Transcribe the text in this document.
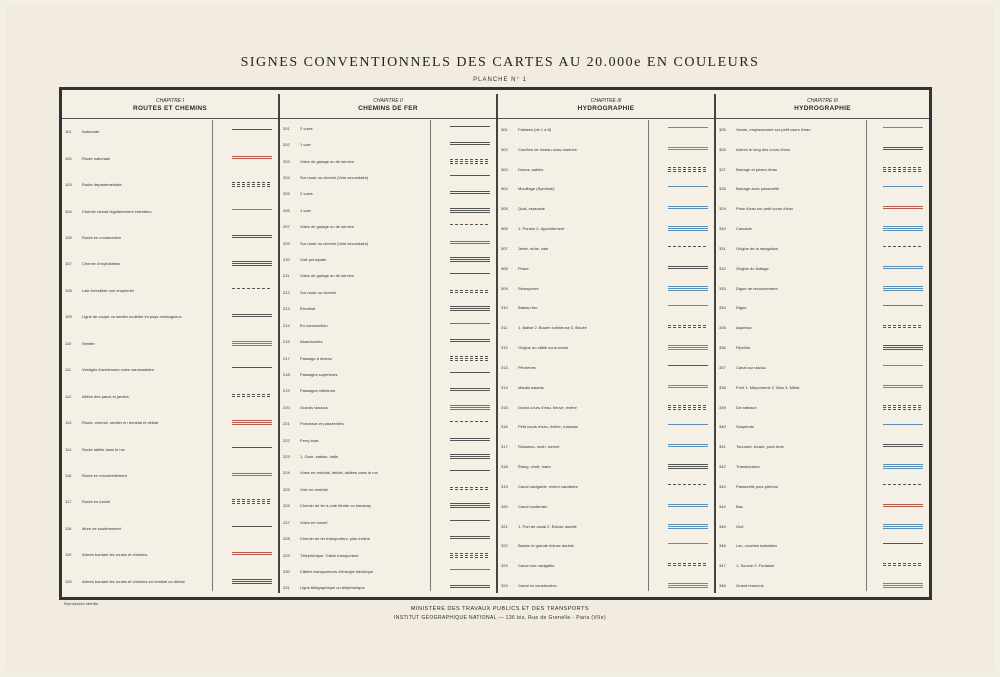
SIGNES CONVENTIONNELS DES CARTES AU 20.000e EN COULEURS
PLANCHE N° 1
CHAPITRE I
ROUTES ET CHEMINS
101	Autoroute
102	Route nationale
103	Route départementale
104	Chemin vicinal régulièrement entretenu
105	Route en construction
107	Chemin d'exploitation
108	Laie forestière non empierrée
109	Ligne de coupe ou sentier muletier en pays montagneux
110	Sentier
111	Vestiges d'anciennes voies carrossables
112	Allées des parcs et jardins
113	Route, chemin, sentier en remblai et déblai
114	Route taillée dans le roc
116	Route en encorbellement
117	Route en tunnel
118	Mure de soutènement
119	Arbres bordant les routes et chemins
120	Arbres bordant les routes et chemins en remblai ou déblai
CHAPITRE II
CHEMINS DE FER
201	2 voies
202	1 voie
203	Voies de garage ou de service
204	Sur route ou chemin (Voie secondaire)
205	2 voies
206	1 voie
207	Voies de garage ou de service
209	Sur route ou chemin (Voie secondaire)
210	Voie principale
211	Voies de garage ou de service
212	Sur route ou chemin
213	Électrisé
214	En construction
215	Abandonnés
217	Passage à niveau
218	Passages supérieurs
219	Passages inférieurs
220	Grands viaducs
221	Ponceaux et passerelles
222	Ferry-boat
223	1. Gare, station, halte
224	Voies en remblai, déblai, taillées dans le roc
225	Voie en remblai
226	Chemin de fer à voie étroite ou tramway
227	Voies en tunnel
228	Chemin de fer transporteur, plan incliné
229	Téléphérique. Câble transporteur
230	Câbles transporteurs d'énergie électrique
231	Ligne télégraphique ou téléphonique
CHAPITRE III
HYDROGRAPHIE
301	Falaises (de 1 à 8)
302	Courbes de niveau sous-marines
303	Dunes, sables
304	Mouillage (Symbole)
305	Quai, estacade
306	1. Ponton 2. Appontement
307	Jetée, môle, cale
308	Phare
309	Sémaphore
310	Bateau feu
311	1. Balise 2. Bouée lumineuse 3. Bouée
312	Origine du câble sous-marin
313	Pêcheries
314	Marais salants
315	Grand cours d'eau, fleuve, rivière
316	Petit cours d'eau, rivière, ruisseau
317	Ruisseau, ravin, torrent
318	Étang, chott, mare
319	Canal navigable, rivière canalisée
320	Canal souterrain
321	1. Port de canal 2. Écluse double
322	Bassin et grande écluse double
323	Canal non navigable
324	Canal en construction
CHAPITRE III
HYDROGRAPHIE
325	Vanne, emplacement sur petit cours d'eau
326	Arbres le long des cours d'eau
327	Barrage et prises d'eau
328	Barrage avec passerelle
329	Prise d'eau sur petit cours d'eau
330	Cascade
331	Origine de la navigation
332	Origine du flottage
333	Digue de recouvrement
334	Digue
335	Aqueduc
336	Pipeline
337	Canal sur viaduc
338	Pont 1. Maçonnerie 2. Bois 3. Métal
339	De bateaux
340	Suspendu
341	Tournant, levant, pont-levis
342	Transbordeur
343	Passerelle pour piétons
344	Bac
345	Gué
346	Lac, courbes isobathes
347	1. Source 2. Fontaine
348	Grand réservoir
Reproduction interdite
MINISTÈRE DES TRAVAUX PUBLICS ET DES TRANSPORTS
INSTITUT GÉOGRAPHIQUE NATIONAL — 136 bis, Rue de Grenelle - Paris (VIIe)
